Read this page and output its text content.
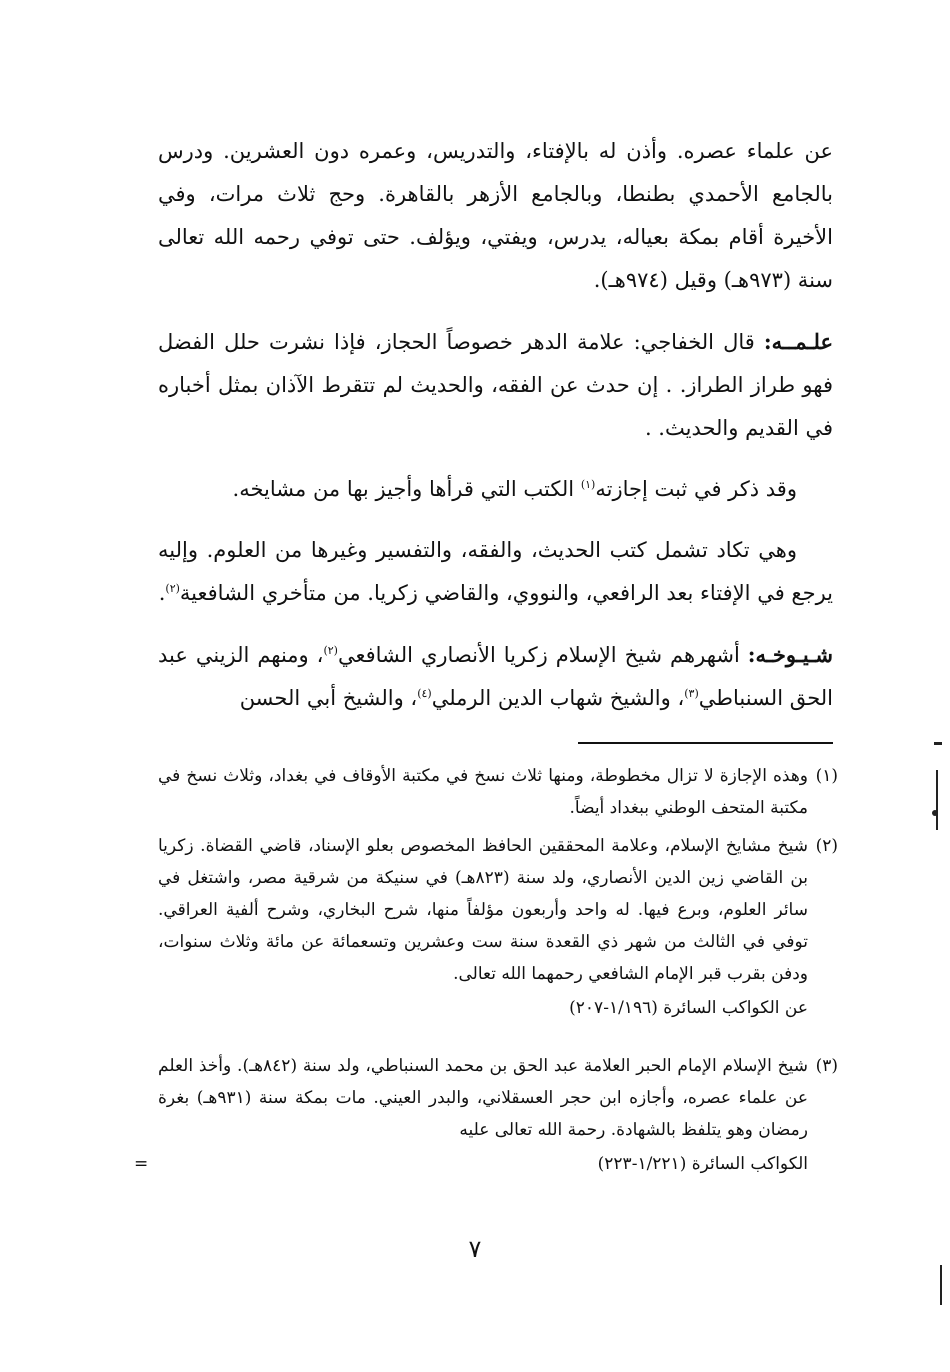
عن علماء عصره. وأذن له بالإفتاء، والتدريس، وعمره دون العشرين. ودرس بالجامع الأحمدي بطنطا، وبالجامع الأزهر بالقاهرة. وحج ثلاث مرات، وفي الأخيرة أقام بمكة بعياله، يدرس، ويفتي، ويؤلف. حتى توفي رحمه الله تعالى سنة (٩٧٣هـ) وقيل (٩٧٤هـ).

علـمــه: قال الخفاجي: علامة الدهر خصوصاً الحجاز، فإذا نشرت حلل الفضل فهو طراز الطراز. . إن حدث عن الفقه، والحديث لم تتقرط الآذان بمثل أخباره في القديم والحديث. .

وقد ذكر في ثبت إجازته$^{(١)}$ الكتب التي قرأها وأجيز بها من مشايخه.

وهي تكاد تشمل كتب الحديث، والفقه، والتفسير وغيرها من العلوم. وإليه يرجع في الإفتاء بعد الرافعي، والنووي، والقاضي زكريا. من متأخري الشافعية$^{(٢)}$.

شـيـوخـه: أشهرهم شيخ الإسلام زكريا الأنصاري الشافعي$^{(٢)}$، ومنهم الزيني عبد الحق السنباطي$^{(٣)}$، والشيخ شهاب الدين الرملي$^{(٤)}$، والشيخ أبي الحسن

(١)
وهذه الإجازة لا تزال مخطوطة، ومنها ثلاث نسخ في مكتبة الأوقاف في بغداد، وثلاث نسخ في مكتبة المتحف الوطني ببغداد أيضاً.
(٢)
شيخ مشايخ الإسلام، وعلامة المحققين الحافظ المخصوص بعلو الإسناد، قاضي القضاة. زكريا بن القاضي زين الدين الأنصاري، ولد سنة (٨٢٣هـ) في سنيكة من شرقية مصر، واشتغل في سائر العلوم، وبرع فيها. له واحد وأربعون مؤلفاً منها، شرح البخاري، وشرح ألفية العراقي. توفي في الثالث من شهر ذي القعدة سنة ست وعشرين وتسعمائة عن مائة وثلاث سنوات، ودفن بقرب قبر الإمام الشافعي رحمهما الله تعالى.
عن الكواكب السائرة (١/١٩٦-٢٠٧)
(٣)
شيخ الإسلام الإمام الحبر العلامة عبد الحق بن محمد السنباطي، ولد سنة (٨٤٢هـ). وأخذ العلم عن علماء عصره، وأجازه ابن حجر العسقلاني، والبدر العيني. مات بمكة سنة (٩٣١هـ) بغرة رمضان وهو يتلفظ بالشهادة. رحمة الله تعالى عليه
الكواكب السائرة (١/٢٢١-٢٢٣)
=
٧
